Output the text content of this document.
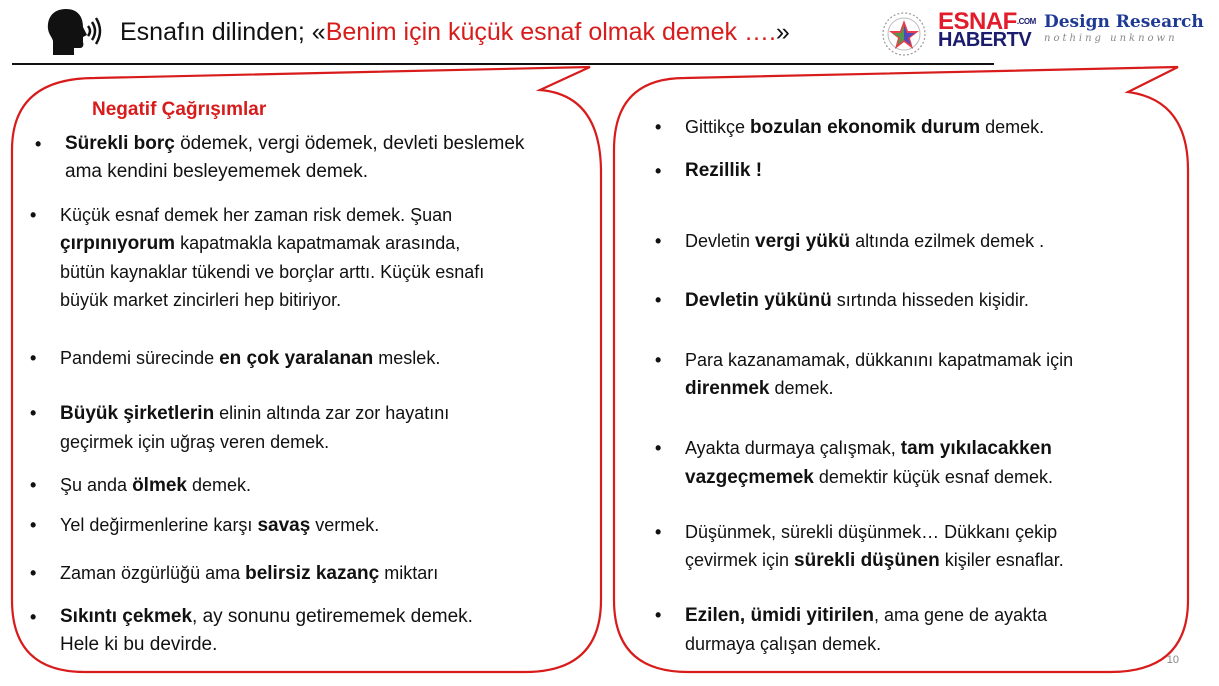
Esnafın dilinden; «Benim için küçük esnaf olmak demek ….»	$ESNAF^{.COM}$
HABERTV
Design Research
nothing unknown
Negatif Çağrışımlar
• Sürekli borç ödemek, vergi ödemek, devleti beslemek
ama kendini besleyememek demek.
• Küçük esnaf demek her zaman risk demek. Şuan
çırpınıyorum kapatmakla kapatmamak arasında,
bütün kaynaklar tükendi ve borçlar arttı. Küçük esnafı
büyük market zincirleri hep bitiriyor.
• Pandemi sürecinde en çok yaralanan meslek.
• Büyük şirketlerin elinin altında zar zor hayatını
geçirmek için uğraş veren demek.
• Şu anda ölmek demek.
• Yel değirmenlerine karşı savaş vermek.
• Zaman özgürlüğü ama belirsiz kazanç miktarı
• Sıkıntı çekmek, ay sonunu getirememek demek.
Hele ki bu devirde.
• Gittikçe bozulan ekonomik durum demek.
• Rezillik !
• Devletin vergi yükü altında ezilmek demek .
• Devletin yükünü sırtında hisseden kişidir.
• Para kazanamamak, dükkanını kapatmamak için
direnmek demek.
• Ayakta durmaya çalışmak, tam yıkılacakken
vazgeçmemek demektir küçük esnaf demek.
• Düşünmek, sürekli düşünmek… Dükkanı çekip
çevirmek için sürekli düşünen kişiler esnaflar.
• Ezilen, ümidi yitirilen, ama gene de ayakta
durmaya çalışan demek.
10
